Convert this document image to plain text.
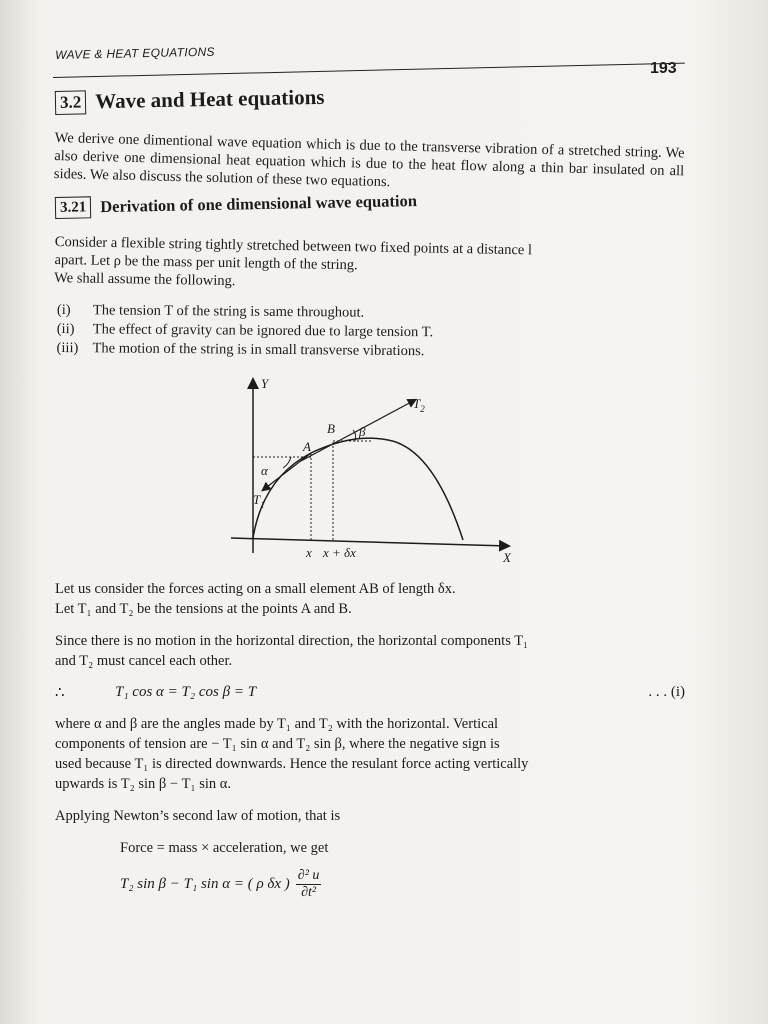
WAVE & HEAT EQUATIONS
193
3.2 Wave and Heat equations

We derive one dimentional wave equation which is due to the transverse vibration of a stretched string. We also derive one dimensional heat equation which is due to the heat flow along a thin bar insulated on all sides. We also discuss the solution of these two equations.

3.21 Derivation of one dimensional wave equation

Consider a flexible string tightly stretched between two fixed points at a distance l

apart. Let ρ be the mass per unit length of the string.

We shall assume the following.

(i)	The tension T of the string is same throughout.
(ii)	The effect of gravity can be ignored due to large tension T.
(iii) The motion of the string is in small transverse vibrations.
Y
X
A
B
α
β
$T_1$
$T_2$
x x + δx

Let us consider the forces acting on a small element AB of length δx.

Let T₁ and T₂ be the tensions at the points A and B.

Since there is no motion in the horizontal direction, the horizontal components T₁

and T₂ must cancel each other.

∴	T₁ cos α = T₂ cos β = T	. . . (i)

where α and β are the angles made by T₁ and T₂ with the horizontal. Vertical

components of tension are − T₁ sin α and T₂ sin β, where the negative sign is

used because T₁ is directed downwards. Hence the resulant force acting vertically

upwards is T₂ sin β − T₁ sin α.

Applying Newton’s second law of motion, that is

Force = mass × acceleration, we get

T₂ sin β − T₁ sin α = ( ρ δx ) $\frac{\text{∂² u}}{\text{∂t²}}$
